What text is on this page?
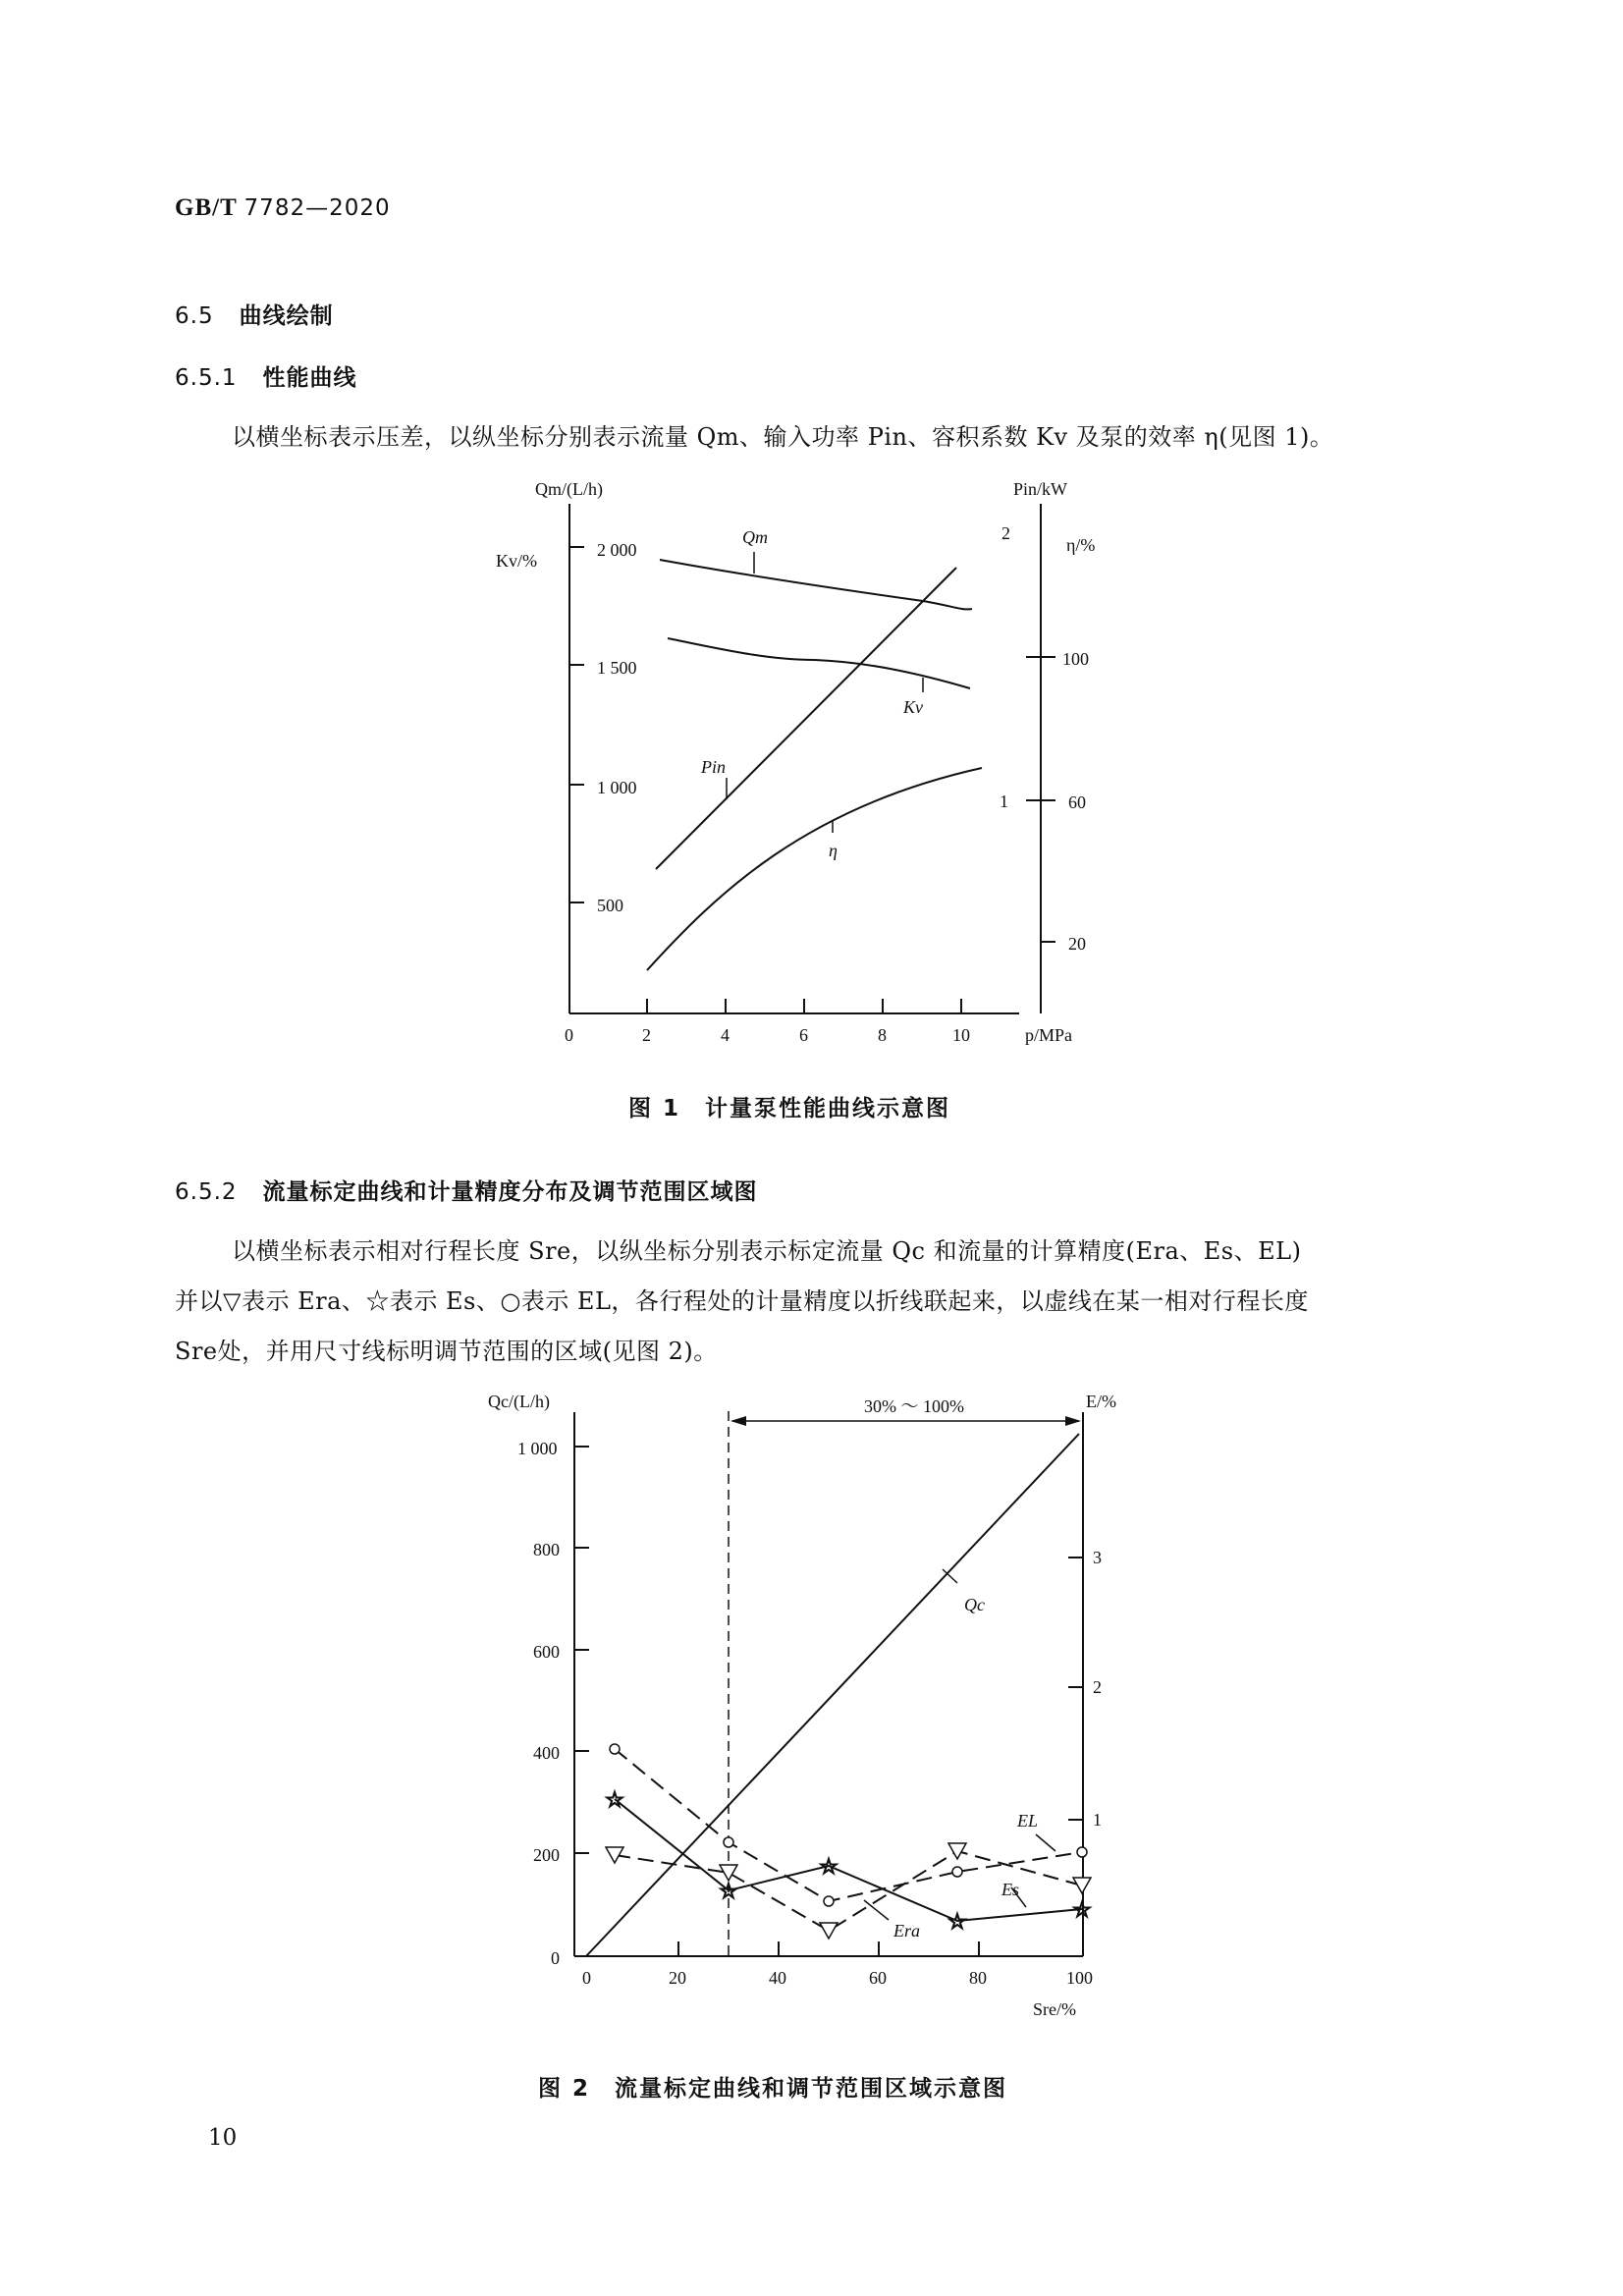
GB/T 7782—2020
6.5 曲线绘制
6.5.1 性能曲线
以横坐标表示压差，以纵坐标分别表示流量 Qm、输入功率 Pin、容积系数 Kv 及泵的效率 η(见图 1)。
Qm/(L/h)
Kv/%
2 000
1 500
1 000
500
Pin/kW
η/%
2
1
100
60
20
0	2	4	6	8	10	p/MPa
Qm
Kv
Pin
η
图 1　计量泵性能曲线示意图
6.5.2 流量标定曲线和计量精度分布及调节范围区域图
以横坐标表示相对行程长度 Sre，以纵坐标分别表示标定流量 Qc 和流量的计算精度(Era、Es、EL)
并以▽表示 Era、☆表示 Es、○表示 EL，各行程处的计量精度以折线联起来，以虚线在某一相对行程长度
Sre处，并用尺寸线标明调节范围的区域(见图 2)。
☆
☆
☆
☆	☆
Qc/(L/h)	E/%
30% ～ 100%
1 000
800
600
400
200
0
3
2
1
0	20	40	60	80	100
Sre/%
Qc
EL
Es
Era
图 2　流量标定曲线和调节范围区域示意图
10
